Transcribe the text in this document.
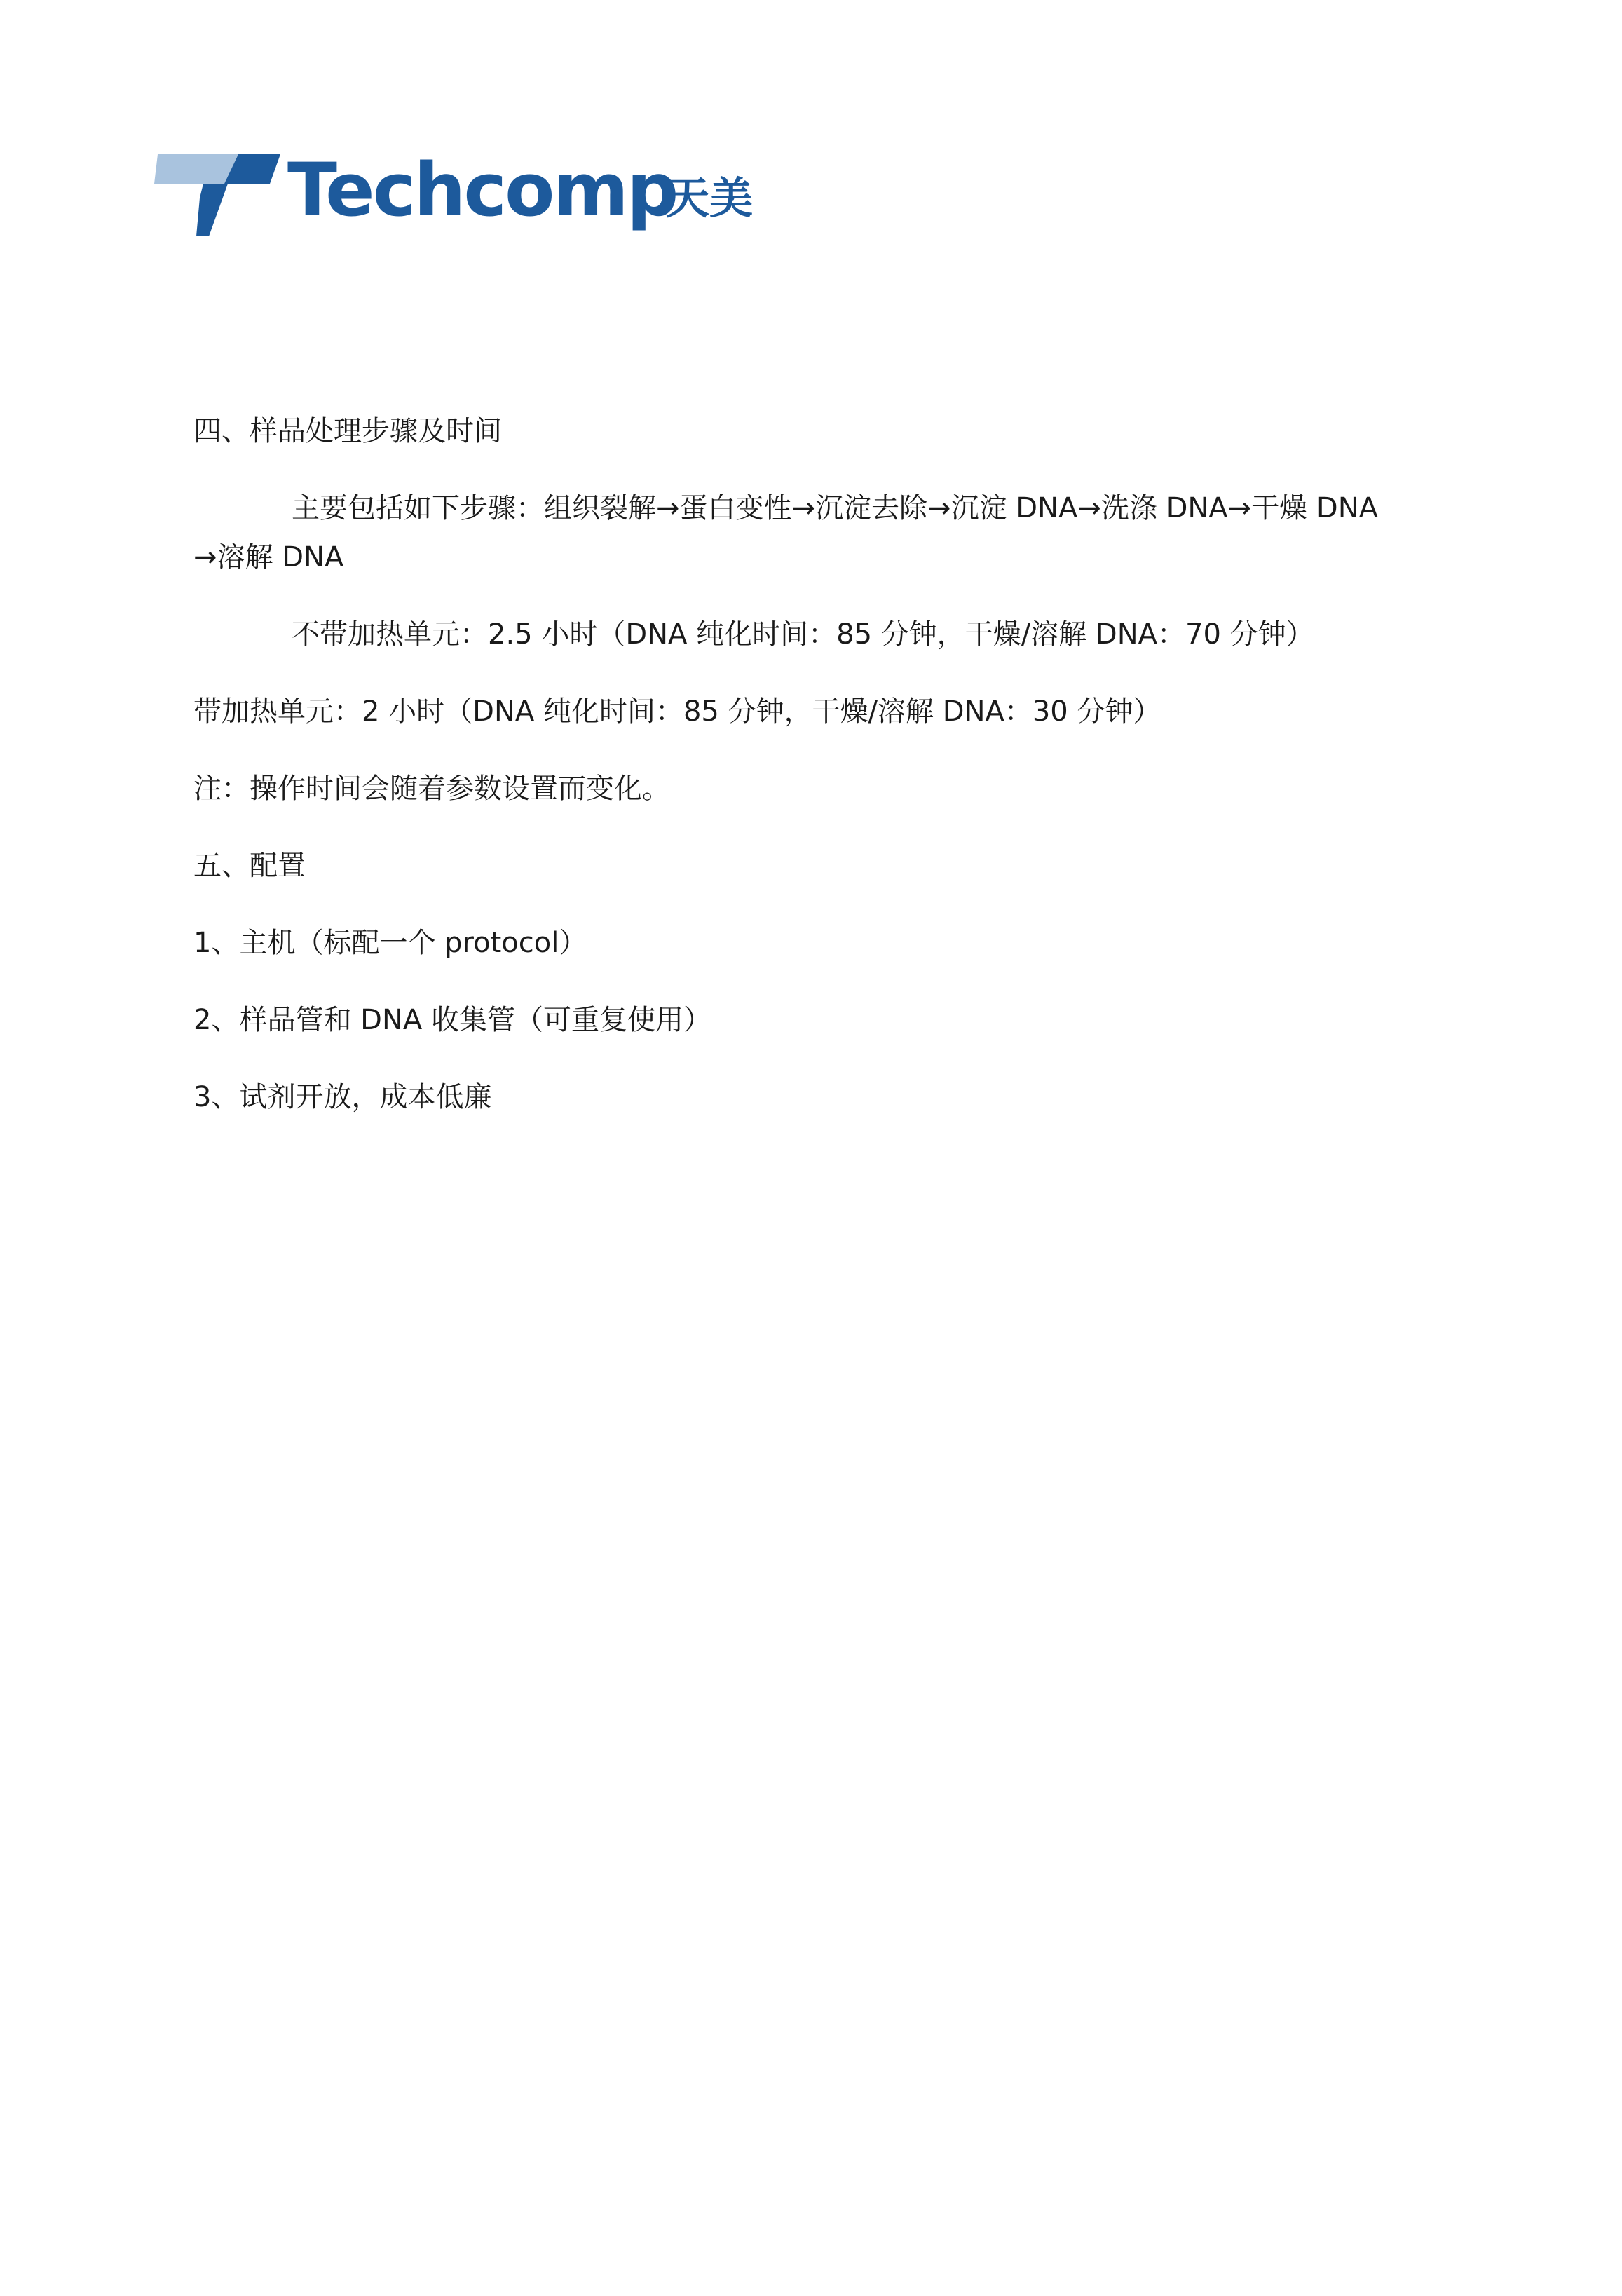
Techcomp
天美
四、样品处理步骤及时间
主要包括如下步骤：组织裂解→蛋白变性→沉淀去除→沉淀 DNA→洗涤 DNA→干燥 DNA
→溶解 DNA
不带加热单元：2.5 小时（DNA 纯化时间：85 分钟，干燥/溶解 DNA：70 分钟）
带加热单元：2 小时（DNA 纯化时间：85 分钟，干燥/溶解 DNA：30 分钟）
注：操作时间会随着参数设置而变化。
五、配置
1、主机（标配一个 protocol）
2、样品管和 DNA 收集管（可重复使用）
3、试剂开放，成本低廉
